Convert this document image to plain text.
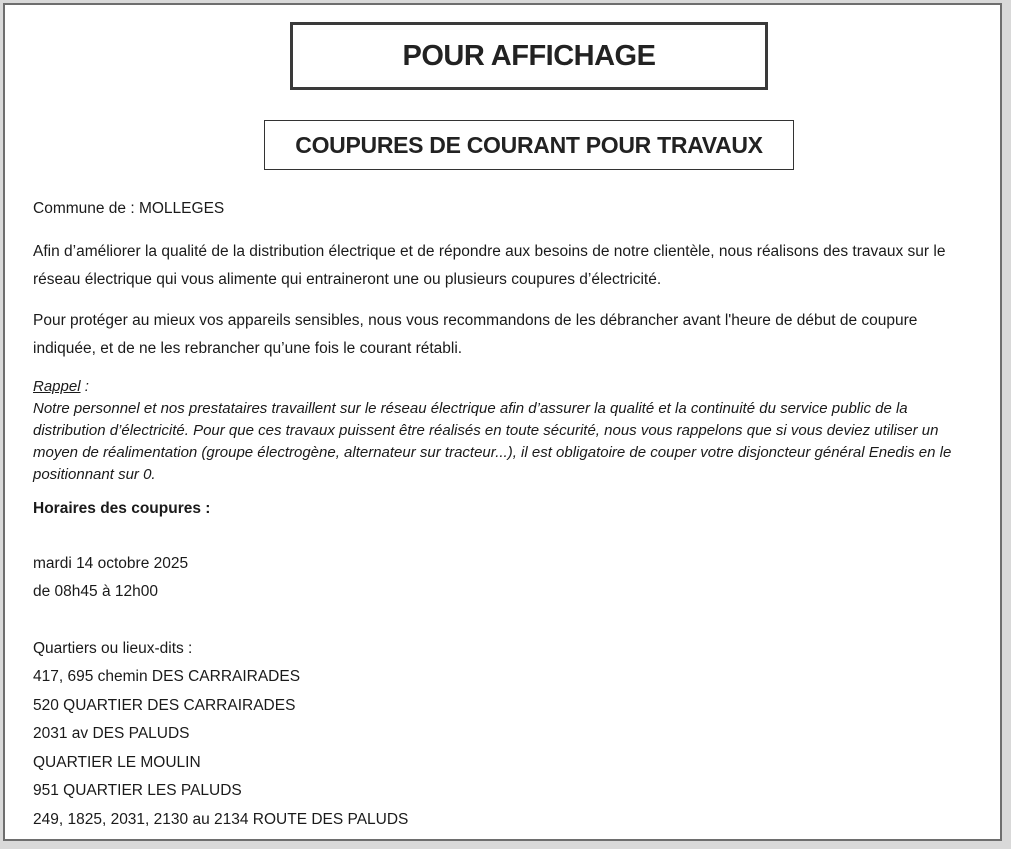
POUR AFFICHAGE
COUPURES DE COURANT POUR TRAVAUX
Commune de : MOLLEGES
Afin d’améliorer la qualité de la distribution électrique et de répondre aux besoins de notre clientèle, nous réalisons des travaux sur le réseau électrique qui vous alimente qui entraineront une ou plusieurs coupures d’électricité.
Pour protéger au mieux vos appareils sensibles, nous vous recommandons de les débrancher avant l'heure de début de coupure indiquée, et de ne les rebrancher qu’une fois le courant rétabli.
Rappel :
Notre personnel et nos prestataires travaillent sur le réseau électrique afin d’assurer la qualité et la continuité du service public de la distribution d’électricité. Pour que ces travaux puissent être réalisés en toute sécurité, nous vous rappelons que si vous deviez utiliser un moyen de réalimentation (groupe électrogène, alternateur sur tracteur...), il est obligatoire de couper votre disjoncteur général Enedis en le positionnant sur 0.
Horaires des coupures :
mardi 14 octobre 2025
de 08h45 à 12h00
Quartiers ou lieux-dits :
417, 695 chemin DES CARRAIRADES
520 QUARTIER DES CARRAIRADES
2031 av DES PALUDS
QUARTIER LE MOULIN
951 QUARTIER LES PALUDS
249, 1825, 2031, 2130 au 2134 ROUTE DES PALUDS
